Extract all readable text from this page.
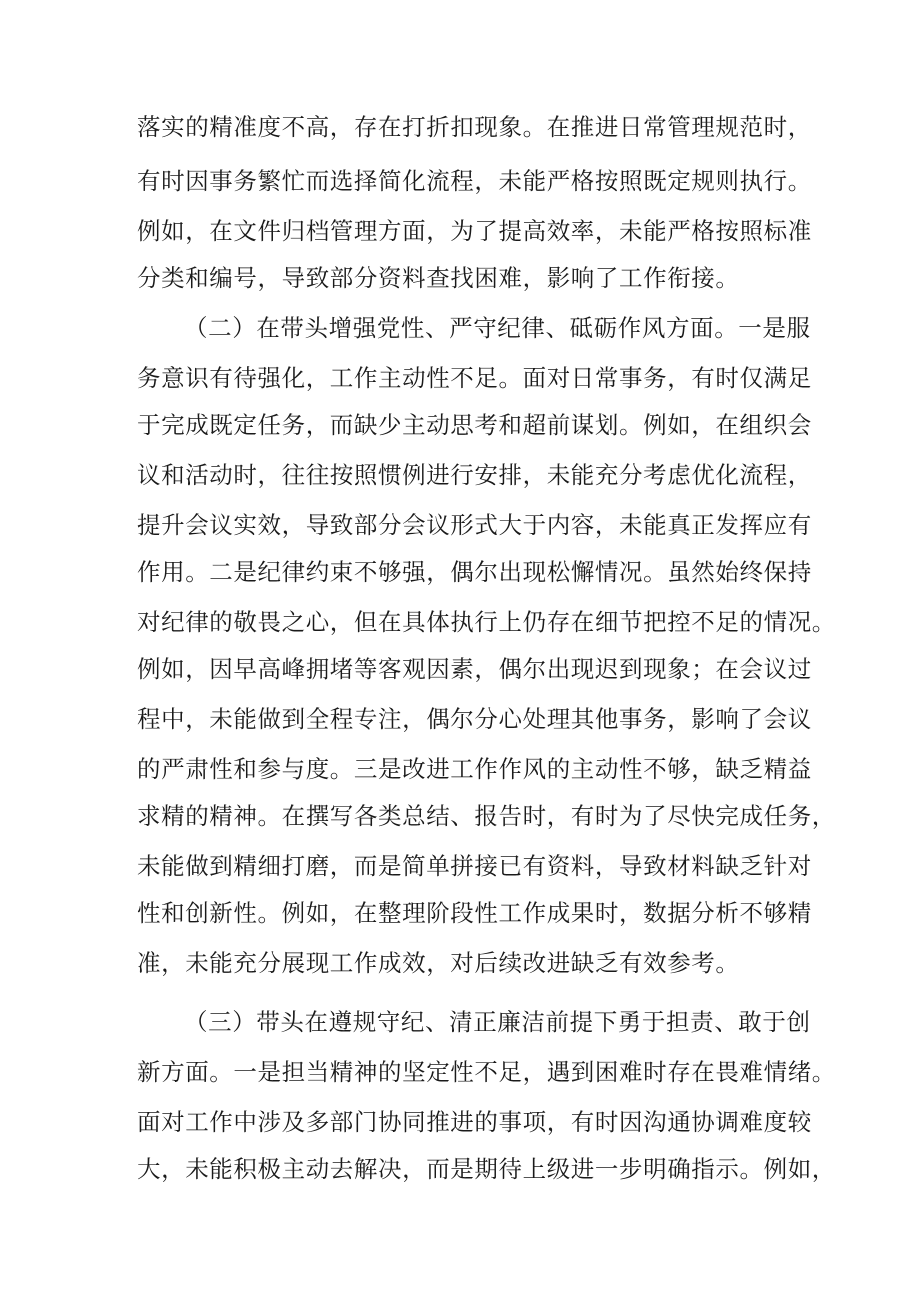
落实的精准度不高，存在打折扣现象。在推进日常管理规范时，

有时因事务繁忙而选择简化流程，未能严格按照既定规则执行。

例如，在文件归档管理方面，为了提高效率，未能严格按照标准

分类和编号，导致部分资料查找困难，影响了工作衔接。

（二）在带头增强党性、严守纪律、砥砺作风方面。一是服

务意识有待强化，工作主动性不足。面对日常事务，有时仅满足

于完成既定任务，而缺少主动思考和超前谋划。例如，在组织会

议和活动时，往往按照惯例进行安排，未能充分考虑优化流程，

提升会议实效，导致部分会议形式大于内容，未能真正发挥应有

作用。二是纪律约束不够强，偶尔出现松懈情况。虽然始终保持

对纪律的敬畏之心，但在具体执行上仍存在细节把控不足的情况。

例如，因早高峰拥堵等客观因素，偶尔出现迟到现象；在会议过

程中，未能做到全程专注，偶尔分心处理其他事务，影响了会议

的严肃性和参与度。三是改进工作作风的主动性不够，缺乏精益

求精的精神。在撰写各类总结、报告时，有时为了尽快完成任务，

未能做到精细打磨，而是简单拼接已有资料，导致材料缺乏针对

性和创新性。例如，在整理阶段性工作成果时，数据分析不够精

准，未能充分展现工作成效，对后续改进缺乏有效参考。

（三）带头在遵规守纪、清正廉洁前提下勇于担责、敢于创

新方面。一是担当精神的坚定性不足，遇到困难时存在畏难情绪。

面对工作中涉及多部门协同推进的事项，有时因沟通协调难度较

大，未能积极主动去解决，而是期待上级进一步明确指示。例如，
